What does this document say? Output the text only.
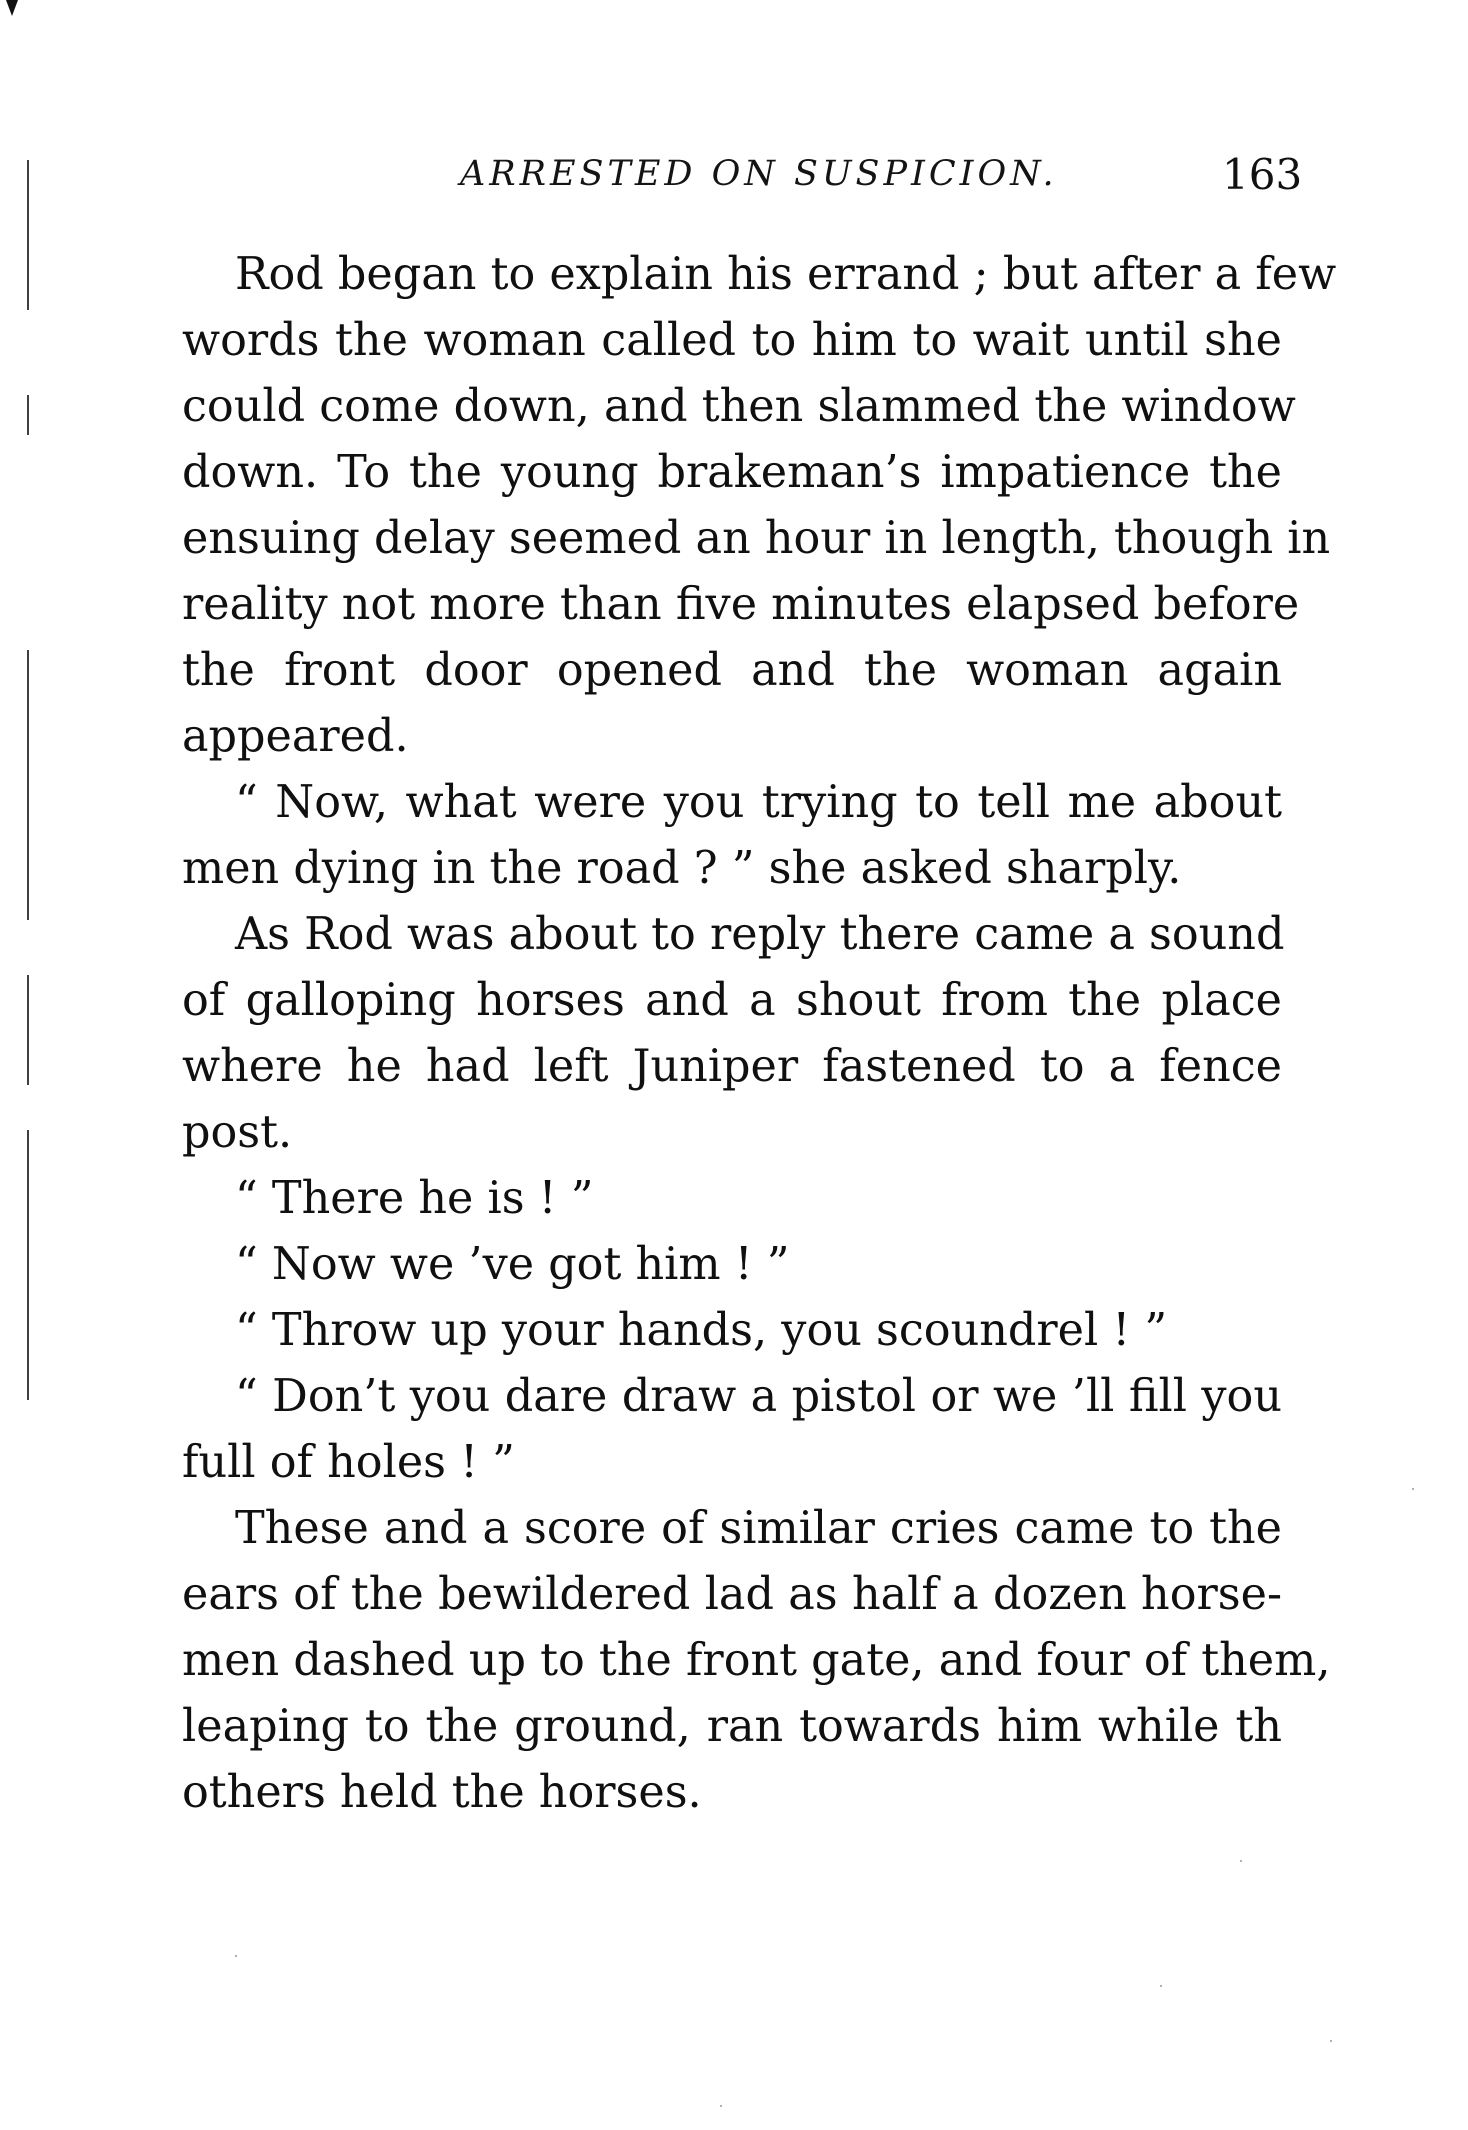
ARRESTED ON SUSPICION.	163
Rod began to explain his errand ; but after a few
words the woman called to him to wait until she
could come down, and then slammed the window
down. To the young brakeman’s impatience the
ensuing delay seemed an hour in length, though in
reality not more than five minutes elapsed before
the front door opened and the woman again
appeared.
“ Now, what were you trying to tell me about
men dying in the road ? ” she asked sharply.
As Rod was about to reply there came a sound
of galloping horses and a shout from the place
where he had left Juniper fastened to a fence
post.
“ There he is ! ”
“ Now we ’ve got him ! ”
“ Throw up your hands, you scoundrel ! ”
“ Don’t you dare draw a pistol or we ’ll fill you
full of holes ! ”
These and a score of similar cries came to the
ears of the bewildered lad as half a dozen horse-
men dashed up to the front gate, and four of them,
leaping to the ground, ran towards him while th
others held the horses.
